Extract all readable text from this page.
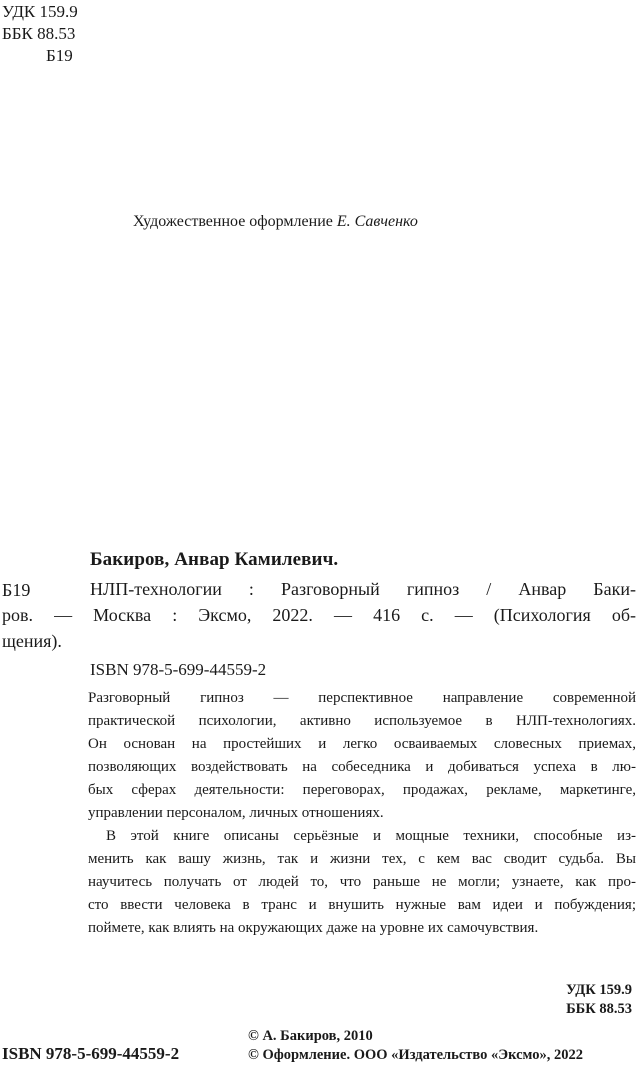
УДК 159.9
ББК 88.53
Б19
Художественное оформление Е. Савченко
Бакиров, Анвар Камилевич.
Б19	НЛП-технологии : Разговорный гипноз / Анвар Баки-
ров. — Москва : Эксмо, 2022. — 416 с. — (Психология об-
щения).
ISBN 978-5-699-44559-2

Разговорный гипноз — перспективное направление современной
практической психологии, активно используемое в НЛП-технологиях.
Он основан на простейших и легко осваиваемых словесных приемах,
позволяющих воздействовать на собеседника и добиваться успеха в лю-
бых сферах деятельности: переговорах, продажах, рекламе, маркетинге,
управлении персоналом, личных отношениях.

В этой книге описаны серьёзные и мощные техники, способные из-
менить как вашу жизнь, так и жизни тех, с кем вас сводит судьба. Вы
научитесь получать от людей то, что раньше не могли; узнаете, как про-
сто ввести человека в транс и внушить нужные вам идеи и побуждения;
поймете, как влиять на окружающих даже на уровне их самочувствия.

УДК 159.9
ББК 88.53
© А. Бакиров, 2010
© Оформление. ООО «Издательство «Эксмо», 2022
ISBN 978-5-699-44559-2
